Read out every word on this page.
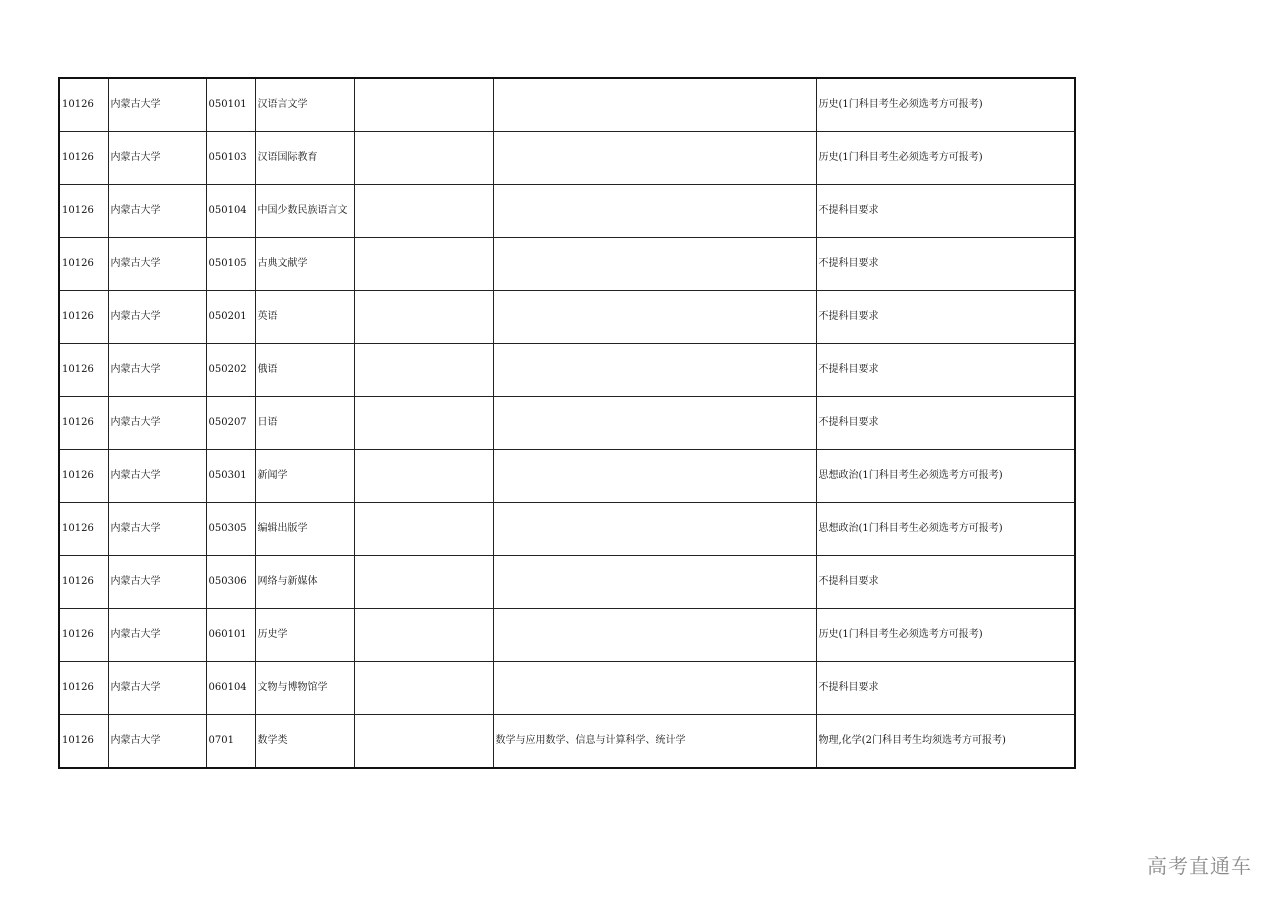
10126	内蒙古大学	050101	汉语言文学			历史(1门科目考生必须选考方可报考)
10126	内蒙古大学	050103	汉语国际教育			历史(1门科目考生必须选考方可报考)
10126	内蒙古大学	050104	中国少数民族语言文			不提科目要求
10126	内蒙古大学	050105	古典文献学			不提科目要求
10126	内蒙古大学	050201	英语			不提科目要求
10126	内蒙古大学	050202	俄语			不提科目要求
10126	内蒙古大学	050207	日语			不提科目要求
10126	内蒙古大学	050301	新闻学			思想政治(1门科目考生必须选考方可报考)
10126	内蒙古大学	050305	编辑出版学			思想政治(1门科目考生必须选考方可报考)
10126	内蒙古大学	050306	网络与新媒体			不提科目要求
10126	内蒙古大学	060101	历史学			历史(1门科目考生必须选考方可报考)
10126	内蒙古大学	060104	文物与博物馆学			不提科目要求
10126	内蒙古大学	0701	数学类		数学与应用数学、信息与计算科学、统计学	物理,化学(2门科目考生均须选考方可报考)
高考直通车
